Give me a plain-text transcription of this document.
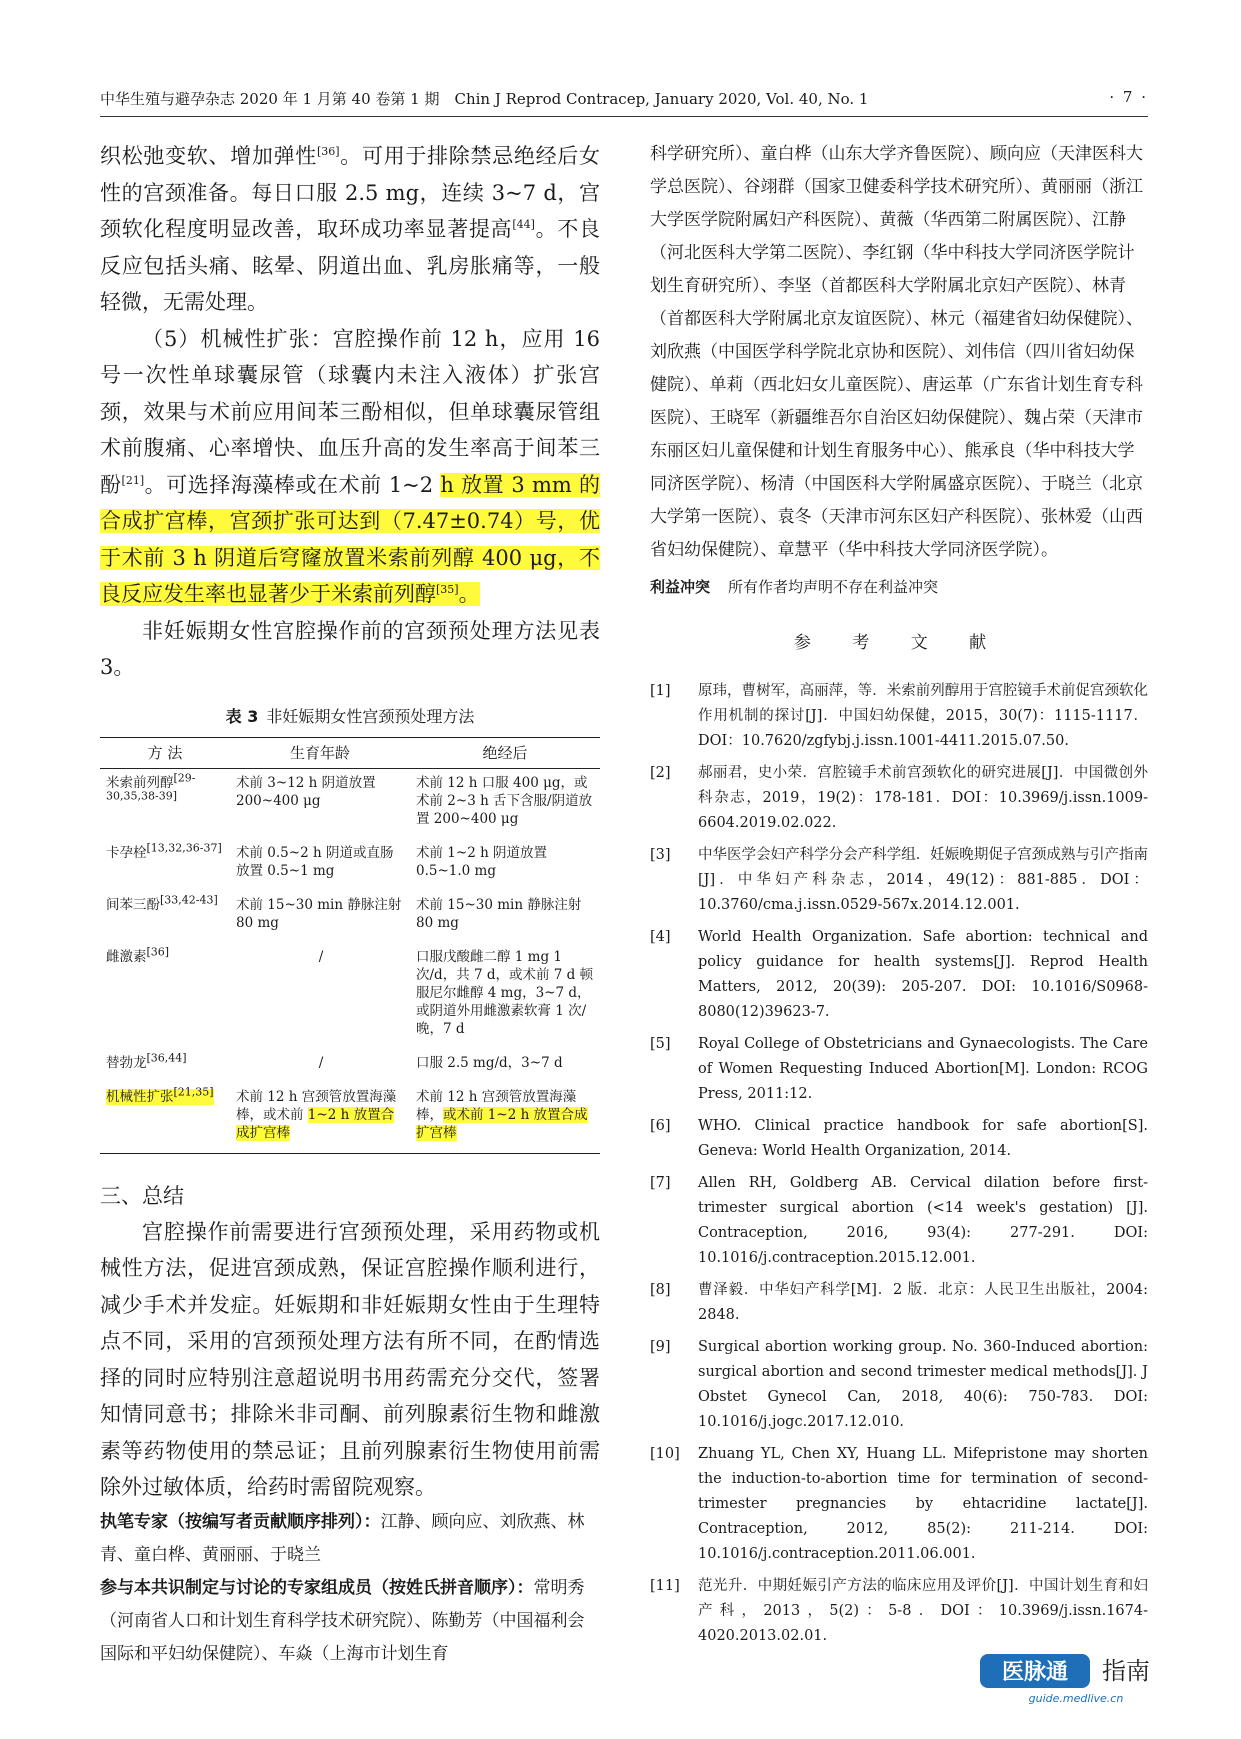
中华生殖与避孕杂志 2020 年 1 月第 40 卷第 1 期　Chin J Reprod Contracep, January 2020, Vol. 40, No. 1	· 7 ·

织松弛变软、增加弹性[36]。可用于排除禁忌绝经后女性的宫颈准备。每日口服 2.5 mg，连续 3~7 d，宫颈软化程度明显改善，取环成功率显著提高[44]。不良反应包括头痛、眩晕、阴道出血、乳房胀痛等，一般轻微，无需处理。

（5）机械性扩张：宫腔操作前 12 h，应用 16 号一次性单球囊尿管（球囊内未注入液体）扩张宫颈，效果与术前应用间苯三酚相似，但单球囊尿管组术前腹痛、心率增快、血压升高的发生率高于间苯三酚[21]。可选择海藻棒或在术前 1~2 h 放置 3 mm 的合成扩宫棒，宫颈扩张可达到（7.47±0.74）号，优于术前 3 h 阴道后穹窿放置米索前列醇 400 μg，不良反应发生率也显著少于米索前列醇[35]。

非妊娠期女性宫腔操作前的宫颈预处理方法见表 3。

表 3 非妊娠期女性宫颈预处理方法
方 法	生育年龄	绝经后
米索前列醇[29-30,35,38-39]	术前 3~12 h 阴道放置 200~400 μg	术前 12 h 口服 400 μg，或术前 2~3 h 舌下含服/阴道放置 200~400 μg
卡孕栓[13,32,36-37]	术前 0.5~2 h 阴道或直肠放置 0.5~1 mg	术前 1~2 h 阴道放置 0.5~1.0 mg
间苯三酚[33,42-43]	术前 15~30 min 静脉注射 80 mg	术前 15~30 min 静脉注射 80 mg
雌激素[36]	/	口服戊酸雌二醇 1 mg 1 次/d，共 7 d，或术前 7 d 顿服尼尔雌醇 4 mg，3~7 d，或阴道外用雌激素软膏 1 次/晚，7 d
替勃龙[36,44]	/	口服 2.5 mg/d，3~7 d
机械性扩张[21,35]	术前 12 h 宫颈管放置海藻棒，或术前 1~2 h 放置合成扩宫棒	术前 12 h 宫颈管放置海藻棒，或术前 1~2 h 放置合成扩宫棒
三、总结

宫腔操作前需要进行宫颈预处理，采用药物或机械性方法，促进宫颈成熟，保证宫腔操作顺利进行，减少手术并发症。妊娠期和非妊娠期女性由于生理特点不同，采用的宫颈预处理方法有所不同，在酌情选择的同时应特别注意超说明书用药需充分交代，签署知情同意书；排除米非司酮、前列腺素衍生物和雌激素等药物使用的禁忌证；且前列腺素衍生物使用前需除外过敏体质，给药时需留院观察。

执笔专家（按编写者贡献顺序排列）：江静、顾向应、刘欣燕、林青、童白桦、黄丽丽、于晓兰

参与本共识制定与讨论的专家组成员（按姓氏拼音顺序）：常明秀（河南省人口和计划生育科学技术研究院）、陈勤芳（中国福利会国际和平妇幼保健院）、车焱（上海市计划生育

科学研究所）、童白桦（山东大学齐鲁医院）、顾向应（天津医科大学总医院）、谷翊群（国家卫健委科学技术研究所）、黄丽丽（浙江大学医学院附属妇产科医院）、黄薇（华西第二附属医院）、江静（河北医科大学第二医院）、李红钢（华中科技大学同济医学院计划生育研究所）、李坚（首都医科大学附属北京妇产医院）、林青（首都医科大学附属北京友谊医院）、林元（福建省妇幼保健院）、刘欣燕（中国医学科学院北京协和医院）、刘伟信（四川省妇幼保健院）、单莉（西北妇女儿童医院）、唐运革（广东省计划生育专科医院）、王晓军（新疆维吾尔自治区妇幼保健院）、魏占荣（天津市东丽区妇儿童保健和计划生育服务中心）、熊承良（华中科技大学同济医学院）、杨清（中国医科大学附属盛京医院）、于晓兰（北京大学第一医院）、袁冬（天津市河东区妇产科医院）、张林爱（山西省妇幼保健院）、章慧平（华中科技大学同济医学院）。

利益冲突 所有作者均声明不存在利益冲突

参 考 文 献
[1]	原玮，曹树军，高丽萍，等．米索前列醇用于宫腔镜手术前促宫颈软化作用机制的探讨[J]．中国妇幼保健，2015，30(7)：1115-1117．DOI：10.7620/zgfybj.j.issn.1001-4411.2015.07.50.
[2]	郝丽君，史小荣．宫腔镜手术前宫颈软化的研究进展[J]．中国微创外科杂志，2019，19(2)：178-181．DOI：10.3969/j.issn.1009-6604.2019.02.022.
[3]	中华医学会妇产科学分会产科学组．妊娠晚期促子宫颈成熟与引产指南[J]．中华妇产科杂志，2014，49(12)：881-885．DOI：10.3760/cma.j.issn.0529-567x.2014.12.001.
[4]	World Health Organization. Safe abortion: technical and policy guidance for health systems[J]. Reprod Health Matters, 2012, 20(39): 205-207. DOI: 10.1016/S0968-8080(12)39623-7.
[5]	Royal College of Obstetricians and Gynaecologists. The Care of Women Requesting Induced Abortion[M]. London: RCOG Press, 2011:12.
[6]	WHO. Clinical practice handbook for safe abortion[S]. Geneva: World Health Organization, 2014.
[7]	Allen RH, Goldberg AB. Cervical dilation before first-trimester surgical abortion (<14 week's gestation) [J]. Contraception, 2016, 93(4): 277-291. DOI: 10.1016/j.contraception.2015.12.001.
[8]	曹泽毅．中华妇产科学[M]．2 版．北京：人民卫生出版社，2004: 2848.
[9]	Surgical abortion working group. No. 360-Induced abortion: surgical abortion and second trimester medical methods[J]. J Obstet Gynecol Can, 2018, 40(6): 750-783. DOI: 10.1016/j.jogc.2017.12.010.
[10]	Zhuang YL, Chen XY, Huang LL. Mifepristone may shorten the induction-to-abortion time for termination of second-trimester pregnancies by ehtacridine lactate[J]. Contraception, 2012, 85(2): 211-214. DOI: 10.1016/j.contraception.2011.06.001.
[11]	范光升．中期妊娠引产方法的临床应用及评价[J]．中国计划生育和妇产科，2013，5(2)：5-8．DOI：10.3969/j.issn.1674-4020.2013.02.01.
医脉通 指南
guide.medlive.cn
